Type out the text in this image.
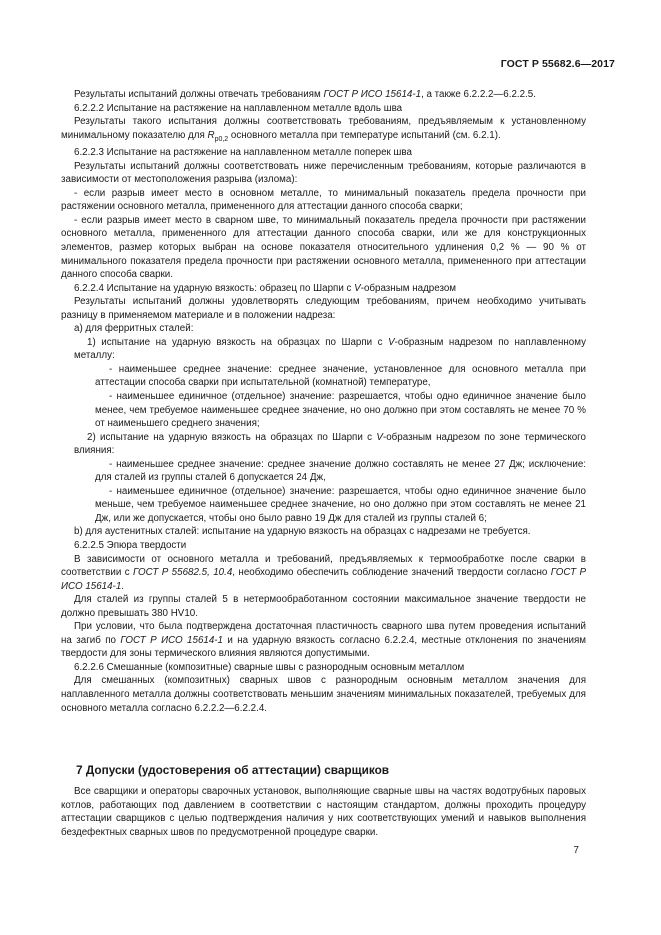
ГОСТ Р 55682.6—2017

Результаты испытаний должны отвечать требованиям ГОСТ Р ИСО 15614-1, а также 6.2.2.2—6.2.2.5.

6.2.2.2 Испытание на растяжение на наплавленном металле вдоль шва

Результаты такого испытания должны соответствовать требованиям, предъявляемым к установленному минимальному показателю для $R_{p0,2}$ основного металла при температуре испытаний (см. 6.2.1).

6.2.2.3 Испытание на растяжение на наплавленном металле поперек шва

Результаты испытаний должны соответствовать ниже перечисленным требованиям, которые различаются в зависимости от местоположения разрыва (излома):

- если разрыв имеет место в основном металле, то минимальный показатель предела прочности при растяжении основного металла, примененного для аттестации данного способа сварки;

- если разрыв имеет место в сварном шве, то минимальный показатель предела прочности при растяжении основного металла, примененного для аттестации данного способа сварки, или же для конструкционных элементов, размер которых выбран на основе показателя относительного удлинения 0,2 % — 90 % от минимального показателя предела прочности при растяжении основного металла, примененного при аттестации данного способа сварки.

6.2.2.4 Испытание на ударную вязкость: образец по Шарпи с V-образным надрезом

Результаты испытаний должны удовлетворять следующим требованиям, причем необходимо учитывать разницу в применяемом материале и в положении надреза:

а) для ферритных сталей:

1) испытание на ударную вязкость на образцах по Шарпи с V-образным надрезом по наплавленному металлу:

- наименьшее среднее значение: среднее значение, установленное для основного металла при аттестации способа сварки при испытательной (комнатной) температуре,

- наименьшее единичное (отдельное) значение: разрешается, чтобы одно единичное значение было менее, чем требуемое наименьшее среднее значение, но оно должно при этом составлять не менее 70 % от наименьшего среднего значения;

2) испытание на ударную вязкость на образцах по Шарпи с V-образным надрезом по зоне термического влияния:

- наименьшее среднее значение: среднее значение должно составлять не менее 27 Дж; исключение: для сталей из группы сталей 6 допускается 24 Дж,

- наименьшее единичное (отдельное) значение: разрешается, чтобы одно единичное значение было меньше, чем требуемое наименьшее среднее значение, но оно должно при этом составлять не менее 21 Дж, или же допускается, чтобы оно было равно 19 Дж для сталей из группы сталей 6;

b) для аустенитных сталей: испытание на ударную вязкость на образцах с надрезами не требуется.

6.2.2.5 Эпюра твердости

В зависимости от основного металла и требований, предъявляемых к термообработке после сварки в соответствии с ГОСТ Р 55682.5, 10.4, необходимо обеспечить соблюдение значений твердости согласно ГОСТ Р ИСО 15614-1.

Для сталей из группы сталей 5 в нетермообработанном состоянии максимальное значение твердости не должно превышать 380 HV10.

При условии, что была подтверждена достаточная пластичность сварного шва путем проведения испытаний на загиб по ГОСТ Р ИСО 15614-1 и на ударную вязкость согласно 6.2.2.4, местные отклонения по значениям твердости для зоны термического влияния являются допустимыми.

6.2.2.6 Смешанные (композитные) сварные швы с разнородным основным металлом

Для смешанных (композитных) сварных швов с разнородным основным металлом значения для наплавленного металла должны соответствовать меньшим значениям минимальных показателей, требуемых для основного металла согласно 6.2.2.2—6.2.2.4.

7 Допуски (удостоверения об аттестации) сварщиков

Все сварщики и операторы сварочных установок, выполняющие сварные швы на частях водотрубных паровых котлов, работающих под давлением в соответствии с настоящим стандартом, должны проходить процедуру аттестации сварщиков с целью подтверждения наличия у них соответствующих умений и навыков выполнения бездефектных сварных швов по предусмотренной процедуре сварки.

7
